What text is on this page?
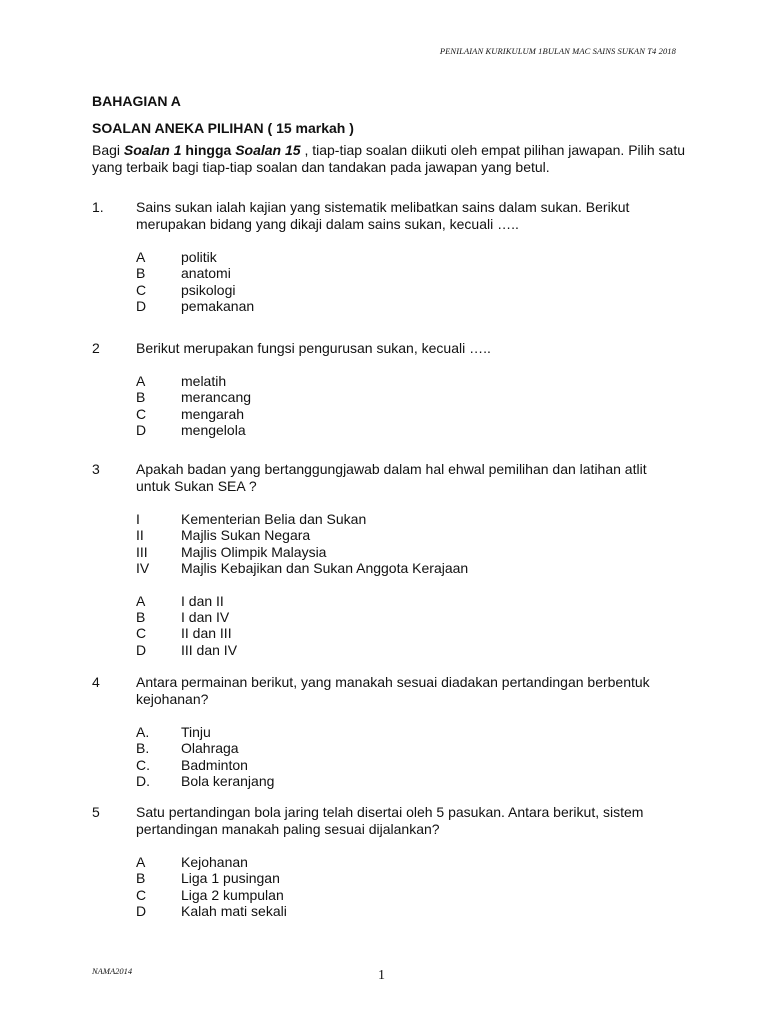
PENILAIAN KURIKULUM 1BULAN MAC SAINS SUKAN T4 2018
BAHAGIAN A
SOALAN ANEKA PILIHAN ( 15 markah )
Bagi Soalan 1 hingga Soalan 15 , tiap-tiap soalan diikuti oleh empat pilihan jawapan. Pilih satu yang terbaik bagi tiap-tiap soalan dan tandakan pada jawapan yang betul.
1.	Sains sukan ialah kajian yang sistematik melibatkan sains dalam sukan. Berikut merupakan bidang yang dikaji dalam sains sukan, kecuali …..
A	politik
B	anatomi
C	psikologi
D	pemakanan
2	Berikut merupakan fungsi pengurusan sukan, kecuali …..
A	melatih
B	merancang
C	mengarah
D	mengelola
3	Apakah badan yang bertanggungjawab dalam hal ehwal pemilihan dan latihan atlit untuk Sukan SEA ?
I	Kementerian Belia dan Sukan
II	Majlis Sukan Negara
III	Majlis Olimpik Malaysia
IV	Majlis Kebajikan dan Sukan Anggota Kerajaan
A	I dan II
B	I dan IV
C	II dan III
D	III dan IV
4	Antara permainan berikut, yang manakah sesuai diadakan pertandingan berbentuk kejohanan?
A.	Tinju
B.	Olahraga
C.	Badminton
D.	Bola keranjang
5	Satu pertandingan bola jaring telah disertai oleh 5 pasukan. Antara berikut, sistem pertandingan manakah paling sesuai dijalankan?
A	Kejohanan
B	Liga 1 pusingan
C	Liga 2 kumpulan
D	Kalah mati sekali
NAMA2014	1
